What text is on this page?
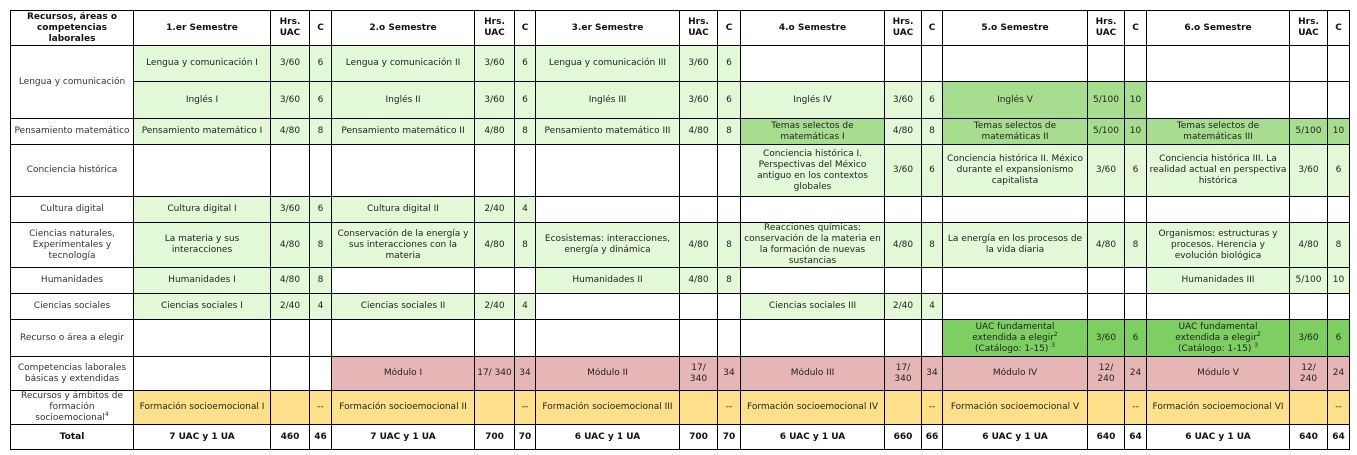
Recursos, áreas o competencias laborales	1.er Semestre	Hrs. UAC	C	2.o Semestre	Hrs. UAC	C	3.er Semestre	Hrs. UAC	C	4.o Semestre	Hrs. UAC	C	5.o Semestre	Hrs. UAC	C	6.o Semestre	Hrs. UAC	C
Lengua y comunicación	Lengua y comunicación I	3/60	6	Lengua y comunicación II	3/60	6	Lengua y comunicación III	3/60	6									
	Inglés I	3/60	6	Inglés II	3/60	6	Inglés III	3/60	6	Inglés IV	3/60	6	Inglés V	5/100	10			
Pensamiento matemático	Pensamiento matemático I	4/80	8	Pensamiento matemático II	4/80	8	Pensamiento matemático III	4/80	8	Temas selectos de matemáticas I	4/80	8	Temas selectos de matemáticas II	5/100	10	Temas selectos de matemáticas III	5/100	10
Conciencia histórica										Conciencia histórica I. Perspectivas del México antiguo en los contextos globales	3/60	6	Conciencia histórica II. México durante el expansionismo capitalista	3/60	6	Conciencia histórica III. La realidad actual en perspectiva histórica	3/60	6
Cultura digital	Cultura digital I	3/60	6	Cultura digital II	2/40	4												
Ciencias naturales, Experimentales y tecnología	La materia y sus interacciones	4/80	8	Conservación de la energía y sus interacciones con la materia	4/80	8	Ecosistemas: interacciones, energía y dinámica	4/80	8	Reacciones químicas: conservación de la materia en la formación de nuevas sustancias	4/80	8	La energía en los procesos de la vida diaria	4/80	8	Organismos: estructuras y procesos. Herencia y evolución biológica	4/80	8
Humanidades	Humanidades I	4/80	8				Humanidades II	4/80	8							Humanidades III	5/100	10
Ciencias sociales	Ciencias sociales I	2/40	4	Ciencias sociales II	2/40	4				Ciencias sociales III	2/40	4						
Recurso o área a elegir													UAC fundamental
extendida a elegir$^2$
(Catálogo: 1-15) $^3$	3/60	6	UAC fundamental
extendida a elegir$^2$
(Catálogo: 1-15) $^3$	3/60	6
Competencias laborales básicas y extendidas				Módulo I	17/ 340	34	Módulo II	17/ 340	34	Módulo III	17/ 340	34	Módulo IV	12/ 240	24	Módulo V	12/ 240	24
Recursos y ámbitos de formación socioemocional$^4$	Formación socioemocional I		--	Formación socioemocional II		--	Formación socioemocional III		--	Formación socioemocional IV		--	Formación socioemocional V		--	Formación socioemocional VI		--
Total	7 UAC y 1 UA	460	46	7 UAC y 1 UA	700	70	6 UAC y 1 UA	700	70	6 UAC y 1 UA	660	66	6 UAC y 1 UA	640	64	6 UAC y 1 UA	640	64
